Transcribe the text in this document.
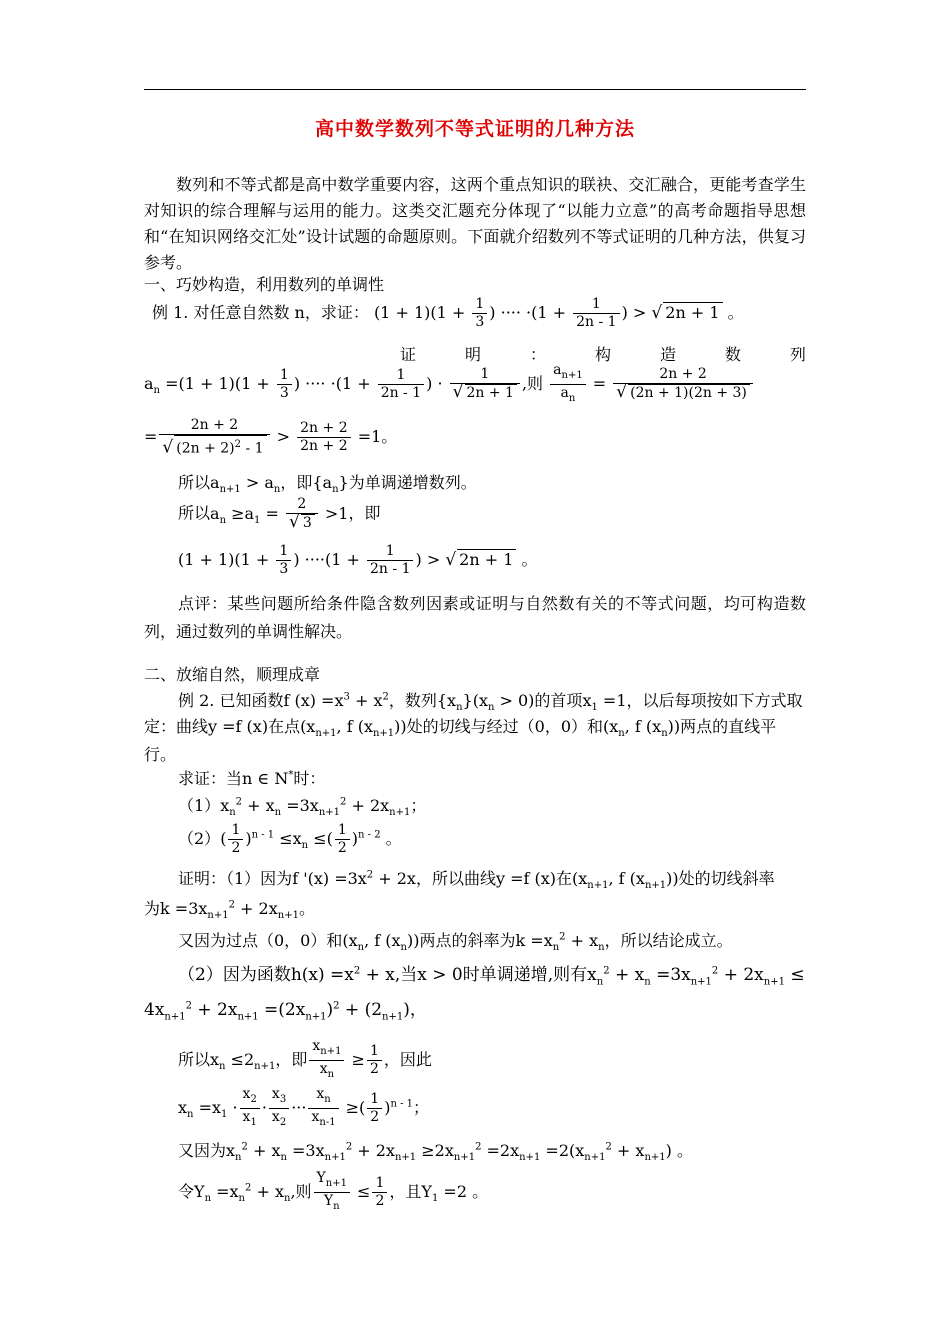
高中数学数列不等式证明的几种方法
数列和不等式都是高中数学重要内容，这两个重点知识的联袂、交汇融合，更能考查学生对知识的综合理解与运用的能力。这类交汇题充分体现了“以能力立意”的高考命题指导思想和“在知识网络交汇处”设计试题的命题原则。下面就介绍数列不等式证明的几种方法，供复习参考。
一、巧妙构造，利用数列的单调性
例 1. 对任意自然数 n，求证： $(1 + 1)(1 + \frac{1}{3}$ ) ···· $\cdot(1 + \frac{1}{2n - 1}$ ) > √ 2n + 1 。
证	明	：	构	造	数	列
$a_n =(1 + 1)(1 + \frac{1}{3}$ ) ···· $\cdot(1 + \frac{1}{2n - 1}$ ) · $\frac{1}{√ 2n + 1}$ ,则 $\frac{a_{n+1}}{a_n} = \frac{2n + 2}{√ (2n + 1)(2n + 3)}$
= $\frac{2n + 2}{√ (2n + 2)^2 - 1} > \frac{2n + 2}{2n + 2} =1$。
所以$a_{n+1} > a_n$，即$\{a_n\}$为单调递增数列。
所以$a_n \ge a_1 = \frac{2}{√ 3} >1$，即
$(1 + 1)(1 + \frac{1}{3}$ ) $\cdot\cdot\cdot\cdot(1 + \frac{1}{2n - 1}$ ) > √ 2n + 1 。
点评：某些问题所给条件隐含数列因素或证明与自然数有关的不等式问题，均可构造数列，通过数列的单调性解决。
二、放缩自然，顺理成章
例 2. 已知函数f $(x) =x^3 + x^2$，数列$\{x_n\}(x_n > 0)$的首项$x_1 =1$，以后每项按如下方式取
定：曲线y =f (x)在点($x_{n+1}$, f $(x_{n+1})$)处的切线与经过（0，0）和($x_n$, f $(x_n)$)两点的直线平
行。
求证：当n ∈ N*时：
$(1)x_n^2 + x_n =3x_{n+1}^2 + 2x_{n+1}$；
$(2)( \frac{1}{2} )^{n - 1} \le x_n$ ≤( $\frac{1}{2} )^{n - 2}$ 。
证明：（1）因为f '$(x) =3x^2 + 2x$，所以曲线y =f (x)在($x_{n+1}$, f $(x_{n+1})$)处的切线斜率
为$k =3x_{n+1}^2 + 2x_{n+1}$。
又因为过点（0，0）和($x_n$, f $(x_n)$)两点的斜率为$k =x_n^2 + x_n$，所以结论成立。
（2）因为函数$h(x) =x^2 + x$,当x > 0时单调递增,则有$x_n^2 + x_n =3x_{n+1}^2 + 2x_{n+1}$ ≤
$4x_{n+1}^2 + 2x_{n+1} =(2x_{n+1})^2 + (2_{n+1})$，
所以$x_n \le 2_{n+1}$，即 $\frac{x_{n+1}}{x_n} \ge \frac{1}{2}$ ，因此
$x_n =x_1 \cdot \frac{x_2}{x_1} \cdot \frac{x_3}{x_2}$ ··· $\frac{x_n}{x_{n-1}}$ ≥( $\frac{1}{2} )^{n - 1}$；
又因为$x_n^2 + x_n =3x_{n+1}^2 + 2x_{n+1} \ge 2x_{n+1}^2 =2x_{n+1} =2(x_{n+1}^2 + x_{n+1})$ 。
令$Y_n =x_n^2 + x_n$,则 $\frac{Y_{n+1}}{Y_n} \le \frac{1}{2}$ ，且$Y_1 =2$ 。
